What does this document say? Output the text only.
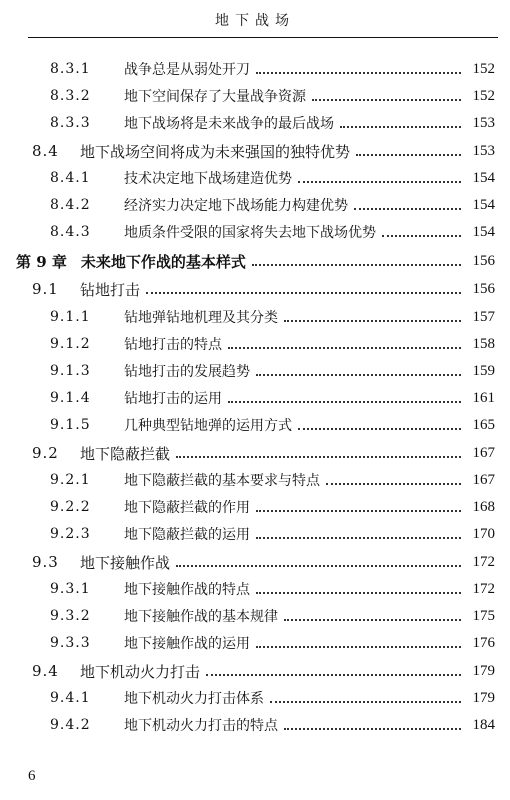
地下战场
8.3.1	战争总是从弱处开刀	152
8.3.2	地下空间保存了大量战争资源	152
8.3.3	地下战场将是未来战争的最后战场	153
8.4	地下战场空间将成为未来强国的独特优势	153
8.4.1	技术决定地下战场建造优势	154
8.4.2	经济实力决定地下战场能力构建优势	154
8.4.3	地质条件受限的国家将失去地下战场优势	154
第 9 章 未来地下作战的基本样式	156
9.1	钻地打击	156
9.1.1	钻地弹钻地机理及其分类	157
9.1.2	钻地打击的特点	158
9.1.3	钻地打击的发展趋势	159
9.1.4	钻地打击的运用	161
9.1.5	几种典型钻地弹的运用方式	165
9.2	地下隐蔽拦截	167
9.2.1	地下隐蔽拦截的基本要求与特点	167
9.2.2	地下隐蔽拦截的作用	168
9.2.3	地下隐蔽拦截的运用	170
9.3	地下接触作战	172
9.3.1	地下接触作战的特点	172
9.3.2	地下接触作战的基本规律	175
9.3.3	地下接触作战的运用	176
9.4	地下机动火力打击	179
9.4.1	地下机动火力打击体系	179
9.4.2	地下机动火力打击的特点	184
6
